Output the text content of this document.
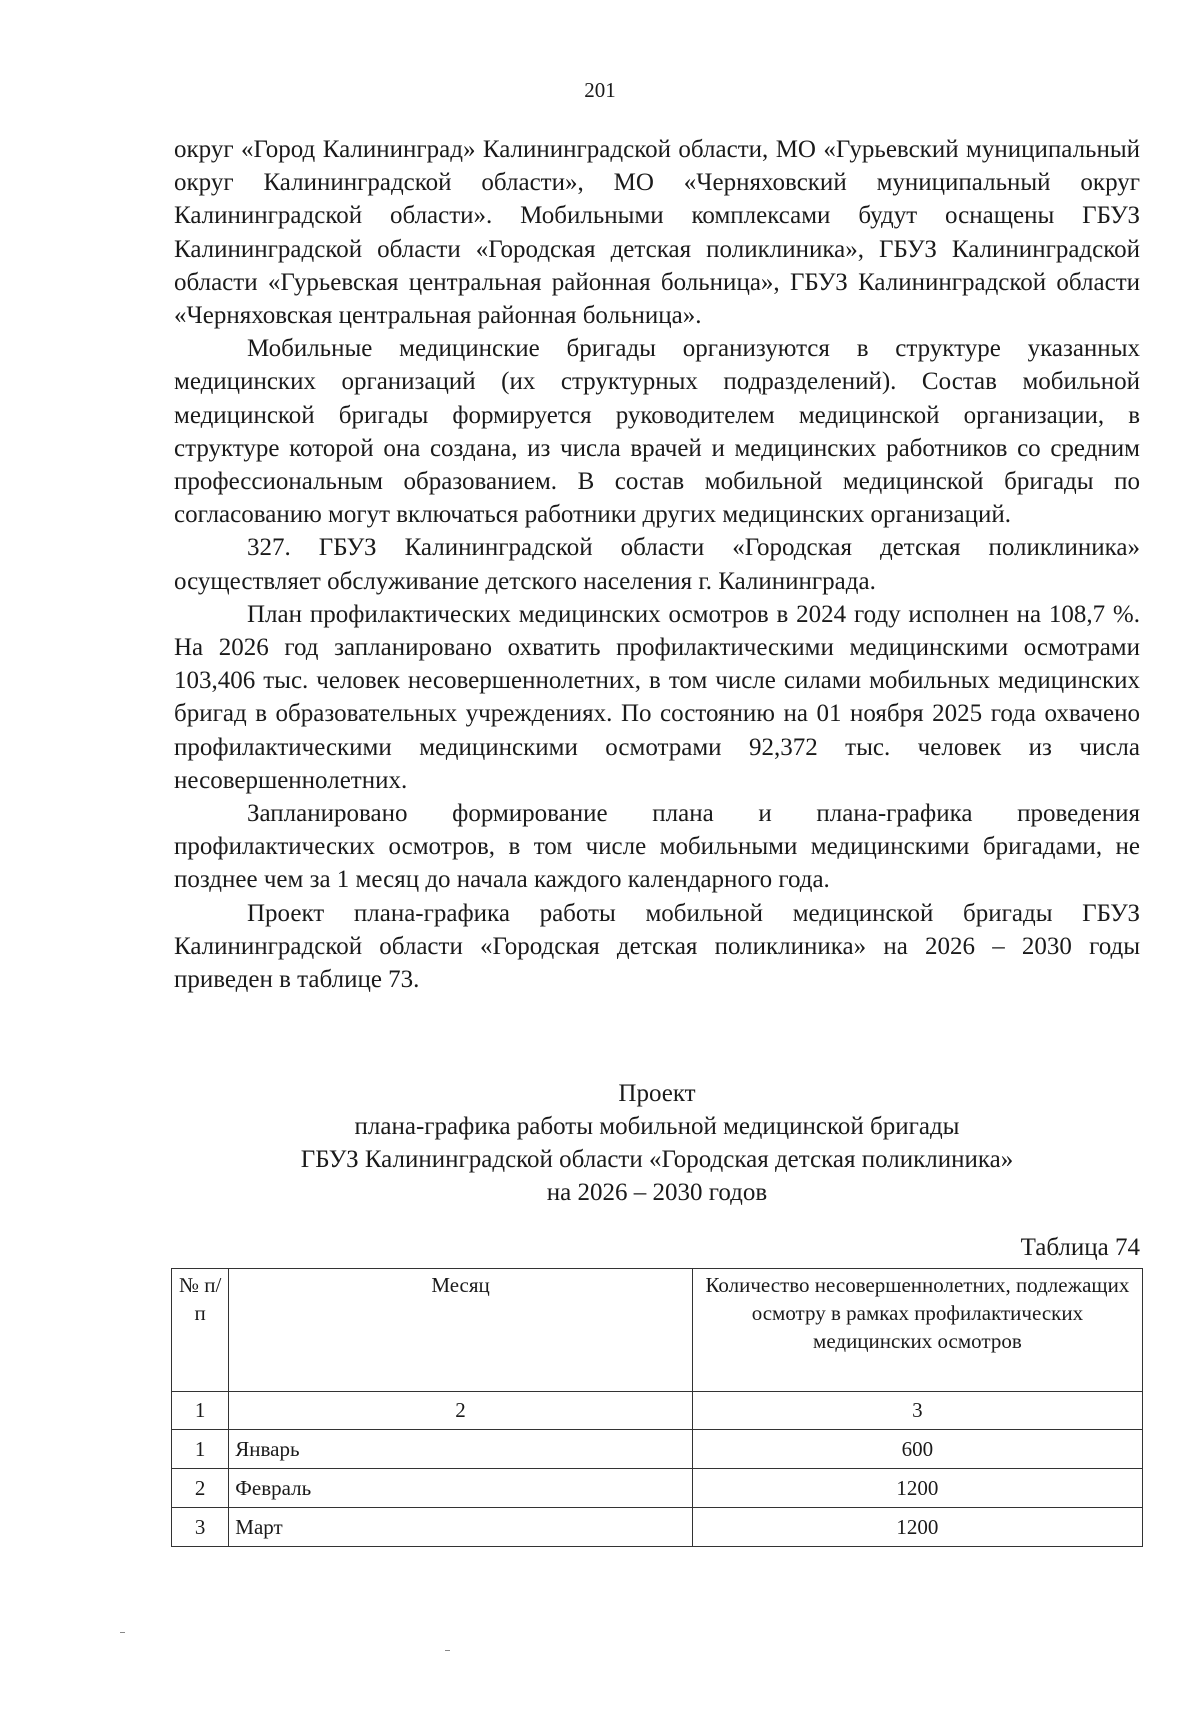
201

округ «Город Калининград» Калининградской области, МО «Гурьевский муниципальный округ Калининградской области», МО «Черняховский муниципальный округ Калининградской области». Мобильными комплексами будут оснащены ГБУЗ Калининградской области «Городская детская поликлиника», ГБУЗ Калининградской области «Гурьевская центральная районная больница», ГБУЗ Калининградской области «Черняховская центральная районная больница».

Мобильные медицинские бригады организуются в структуре указанных медицинских организаций (их структурных подразделений). Состав мобильной медицинской бригады формируется руководителем медицинской организации, в структуре которой она создана, из числа врачей и медицинских работников со средним профессиональным образованием. В состав мобильной медицинской бригады по согласованию могут включаться работники других медицинских организаций.

327. ГБУЗ Калининградской области «Городская детская поликлиника» осуществляет обслуживание детского населения г. Калининграда.

План профилактических медицинских осмотров в 2024 году исполнен на 108,7 %. На 2026 год запланировано охватить профилактическими медицинскими осмотрами 103,406 тыс. человек несовершеннолетних, в том числе силами мобильных медицинских бригад в образовательных учреждениях. По состоянию на 01 ноября 2025 года охвачено профилактическими медицинскими осмотрами 92,372 тыс. человек из числа несовершеннолетних.

Запланировано формирование плана и плана-графика проведения профилактических осмотров, в том числе мобильными медицинскими бригадами, не позднее чем за 1 месяц до начала каждого календарного года.

Проект плана-графика работы мобильной медицинской бригады ГБУЗ Калининградской области «Городская детская поликлиника» на 2026 – 2030 годы приведен в таблице 73.

Проект
плана-графика работы мобильной медицинской бригады
ГБУЗ Калининградской области «Городская детская поликлиника»
на 2026 – 2030 годов
Таблица 74
№ п/п	Месяц	Количество несовершеннолетних, подлежащих осмотру в рамках профилактических медицинских осмотров
1	2	3
1	Январь	600
2	Февраль	1200
3	Март	1200
